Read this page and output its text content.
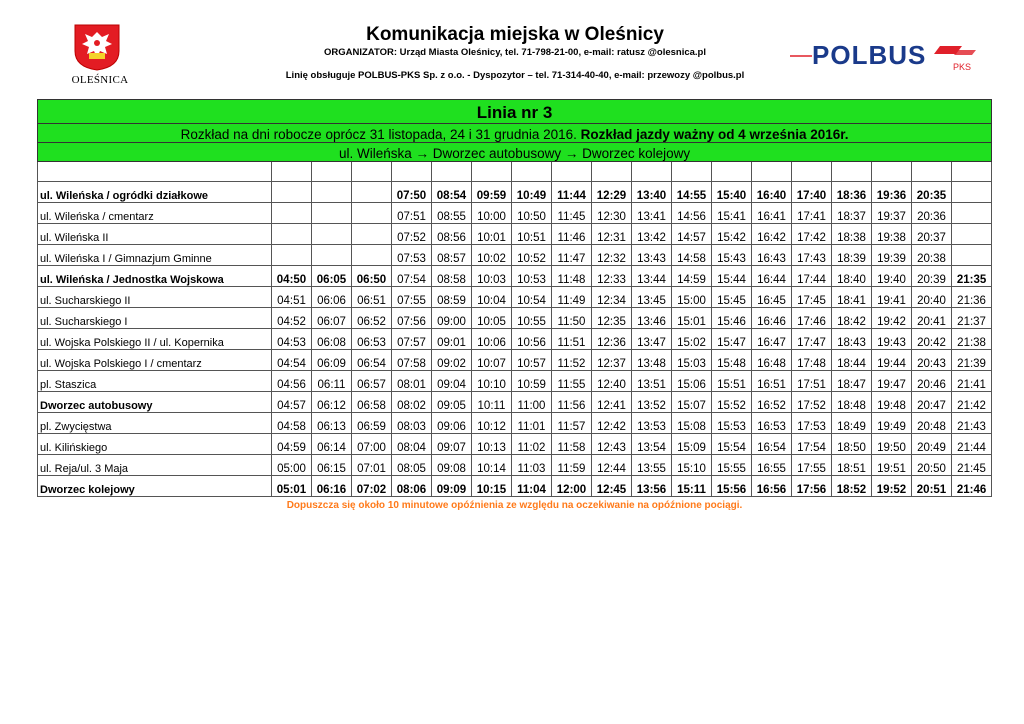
OLEŚNICA
Komunikacja miejska w Oleśnicy
ORGANIZATOR: Urząd Miasta Oleśnicy, tel. 71-798-21-00, e-mail: ratusz @olesnica.pl
Linię obsługuje POLBUS-PKS Sp. z o.o. - Dyspozytor – tel. 71-314-40-40, e-mail: przewozy @polbus.pl
POLBUS	PKS
Linia nr 3																		
Rozkład na dni robocze oprócz 31 listopada, 24 i 31 grudnia 2016. Rozkład jazdy ważny od 4 września 2016r.																		
ul. Wileńska → Dworzec autobusowy → Dworzec kolejowy																		

ul. Wileńska / ogródki działkowe				07:50	08:54	09:59	10:49	11:44	12:29	13:40	14:55	15:40	16:40	17:40	18:36	19:36	20:35	
ul. Wileńska / cmentarz				07:51	08:55	10:00	10:50	11:45	12:30	13:41	14:56	15:41	16:41	17:41	18:37	19:37	20:36	
ul. Wileńska II				07:52	08:56	10:01	10:51	11:46	12:31	13:42	14:57	15:42	16:42	17:42	18:38	19:38	20:37	
ul. Wileńska I / Gimnazjum Gminne				07:53	08:57	10:02	10:52	11:47	12:32	13:43	14:58	15:43	16:43	17:43	18:39	19:39	20:38	
ul. Wileńska / Jednostka Wojskowa	04:50	06:05	06:50	07:54	08:58	10:03	10:53	11:48	12:33	13:44	14:59	15:44	16:44	17:44	18:40	19:40	20:39	21:35
ul. Sucharskiego II	04:51	06:06	06:51	07:55	08:59	10:04	10:54	11:49	12:34	13:45	15:00	15:45	16:45	17:45	18:41	19:41	20:40	21:36
ul. Sucharskiego I	04:52	06:07	06:52	07:56	09:00	10:05	10:55	11:50	12:35	13:46	15:01	15:46	16:46	17:46	18:42	19:42	20:41	21:37
ul. Wojska Polskiego II / ul. Kopernika	04:53	06:08	06:53	07:57	09:01	10:06	10:56	11:51	12:36	13:47	15:02	15:47	16:47	17:47	18:43	19:43	20:42	21:38
ul. Wojska Polskiego I / cmentarz	04:54	06:09	06:54	07:58	09:02	10:07	10:57	11:52	12:37	13:48	15:03	15:48	16:48	17:48	18:44	19:44	20:43	21:39
pl. Staszica	04:56	06:11	06:57	08:01	09:04	10:10	10:59	11:55	12:40	13:51	15:06	15:51	16:51	17:51	18:47	19:47	20:46	21:41
Dworzec autobusowy	04:57	06:12	06:58	08:02	09:05	10:11	11:00	11:56	12:41	13:52	15:07	15:52	16:52	17:52	18:48	19:48	20:47	21:42
pl. Zwycięstwa	04:58	06:13	06:59	08:03	09:06	10:12	11:01	11:57	12:42	13:53	15:08	15:53	16:53	17:53	18:49	19:49	20:48	21:43
ul. Kilińskiego	04:59	06:14	07:00	08:04	09:07	10:13	11:02	11:58	12:43	13:54	15:09	15:54	16:54	17:54	18:50	19:50	20:49	21:44
ul. Reja/ul. 3 Maja	05:00	06:15	07:01	08:05	09:08	10:14	11:03	11:59	12:44	13:55	15:10	15:55	16:55	17:55	18:51	19:51	20:50	21:45
Dworzec kolejowy	05:01	06:16	07:02	08:06	09:09	10:15	11:04	12:00	12:45	13:56	15:11	15:56	16:56	17:56	18:52	19:52	20:51	21:46
Dopuszcza się około 10 minutowe opóźnienia ze względu na oczekiwanie na opóźnione pociągi.
